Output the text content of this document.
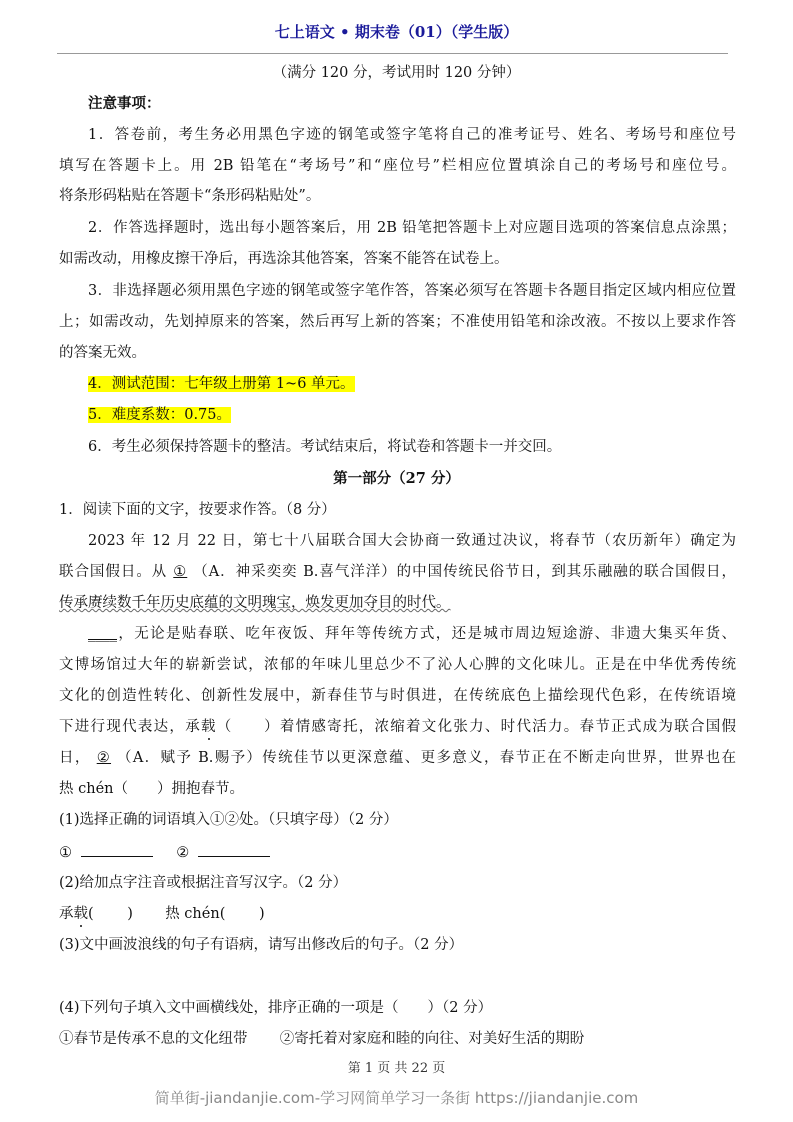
七上语文 • 期末卷（01）（学生版）
（满分 120 分，考试用时 120 分钟）
注意事项：
1．答卷前，考生务必用黑色字迹的钢笔或签字笔将自己的准考证号、姓名、考场号和座位号
填写在答题卡上。用 2B 铅笔在“考场号”和“座位号”栏相应位置填涂自己的考场号和座位号。
将条形码粘贴在答题卡“条形码粘贴处”。
2．作答选择题时，选出每小题答案后，用 2B 铅笔把答题卡上对应题目选项的答案信息点涂黑；
如需改动，用橡皮擦干净后，再选涂其他答案，答案不能答在试卷上。
3．非选择题必须用黑色字迹的钢笔或签字笔作答，答案必须写在答题卡各题目指定区域内相应位置
上；如需改动，先划掉原来的答案，然后再写上新的答案；不准使用铅笔和涂改液。不按以上要求作答
的答案无效。
4．测试范围：七年级上册第 1~6 单元。
5．难度系数：0.75。
6．考生必须保持答题卡的整洁。考试结束后，将试卷和答题卡一并交回。
第一部分（27 分）
1．阅读下面的文字，按要求作答。（8 分）
2023 年 12 月 22 日，第七十八届联合国大会协商一致通过决议，将春节（农历新年）确定为
联合国假日。从 ① （A．神采奕奕 B.喜气洋洋）的中国传统民俗节日，到其乐融融的联合国假日，
传承赓续数千年历史底蕴的文明瑰宝，焕发更加夺目的时代。
____，无论是贴春联、吃年夜饭、拜年等传统方式，还是城市周边短途游、非遗大集买年货、
文博场馆过大年的崭新尝试，浓郁的年味儿里总少不了沁人心脾的文化味儿。正是在中华优秀传统
文化的创造性转化、创新性发展中，新春佳节与时俱进，在传统底色上描绘现代色彩，在传统语境
下进行现代表达，承载（　　）着情感寄托，浓缩着文化张力、时代活力。春节正式成为联合国假
日， ② （A．赋予 B.赐予）传统佳节以更深意蕴、更多意义，春节正在不断走向世界，世界也在
热 chén（　　）拥抱春节。
(1)选择正确的词语填入①②处。（只填字母）（2 分）
①	②
(2)给加点字注音或根据注音写汉字。（2 分）
承载(　　 ) 热 chén(　　 )
(3)文中画波浪线的句子有语病，请写出修改后的句子。（2 分）
(4)下列句子填入文中画横线处，排序正确的一项是（　　）（2 分）
①春节是传承不息的文化纽带 ②寄托着对家庭和睦的向往、对美好生活的期盼
第 1 页 共 22 页
简单街-jiandanjie.com-学习网简单学习一条街 https://jiandanjie.com
